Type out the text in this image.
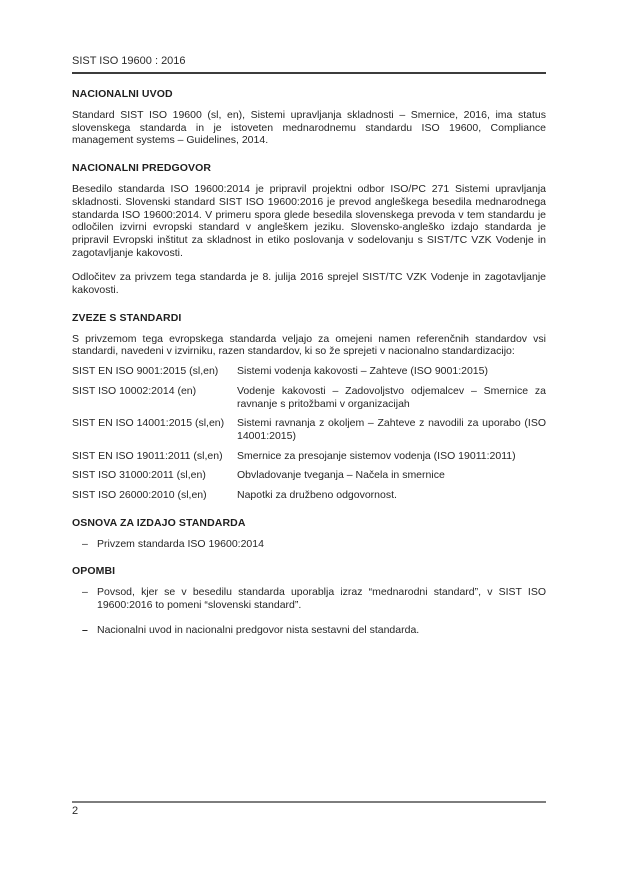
SIST ISO 19600 : 2016
NACIONALNI UVOD

Standard SIST ISO 19600 (sl, en), Sistemi upravljanja skladnosti – Smernice, 2016, ima status slovenskega standarda in je istoveten mednarodnemu standardu ISO 19600, Compliance management systems – Guidelines, 2014.

NACIONALNI PREDGOVOR

Besedilo standarda ISO 19600:2014 je pripravil projektni odbor ISO/PC 271 Sistemi upravljanja skladnosti. Slovenski standard SIST ISO 19600:2016 je prevod angleškega besedila mednarodnega standarda ISO 19600:2014. V primeru spora glede besedila slovenskega prevoda v tem standardu je odločilen izvirni evropski standard v angleškem jeziku. Slovensko-angleško izdajo standarda je pripravil Evropski inštitut za skladnost in etiko poslovanja v sodelovanju s SIST/TC VZK Vodenje in zagotavljanje kakovosti.

Odločitev za privzem tega standarda je 8. julija 2016 sprejel SIST/TC VZK Vodenje in zagotavljanje kakovosti.

ZVEZE S STANDARDI

S privzemom tega evropskega standarda veljajo za omejeni namen referenčnih standardov vsi standardi, navedeni v izvirniku, razen standardov, ki so že sprejeti v nacionalno standardizacijo:

SIST EN ISO 9001:2015 (sl,en)	Sistemi vodenja kakovosti – Zahteve (ISO 9001:2015)
SIST ISO 10002:2014 (en)	Vodenje kakovosti – Zadovoljstvo odjemalcev – Smernice za ravnanje s pritožbami v organizacijah
SIST EN ISO 14001:2015 (sl,en)	Sistemi ravnanja z okoljem – Zahteve z navodili za uporabo (ISO 14001:2015)
SIST EN ISO 19011:2011 (sl,en)	Smernice za presojanje sistemov vodenja (ISO 19011:2011)
SIST ISO 31000:2011 (sl,en)	Obvladovanje tveganja – Načela in smernice
SIST ISO 26000:2010 (sl,en)	Napotki za družbeno odgovornost.
OSNOVA ZA IZDAJO STANDARDA
– Privzem standarda ISO 19600:2014
OPOMBI
– Povsod, kjer se v besedilu standarda uporablja izraz “mednarodni standard”, v SIST ISO 19600:2016 to pomeni “slovenski standard”.
– Nacionalni uvod in nacionalni predgovor nista sestavni del standarda.
2
